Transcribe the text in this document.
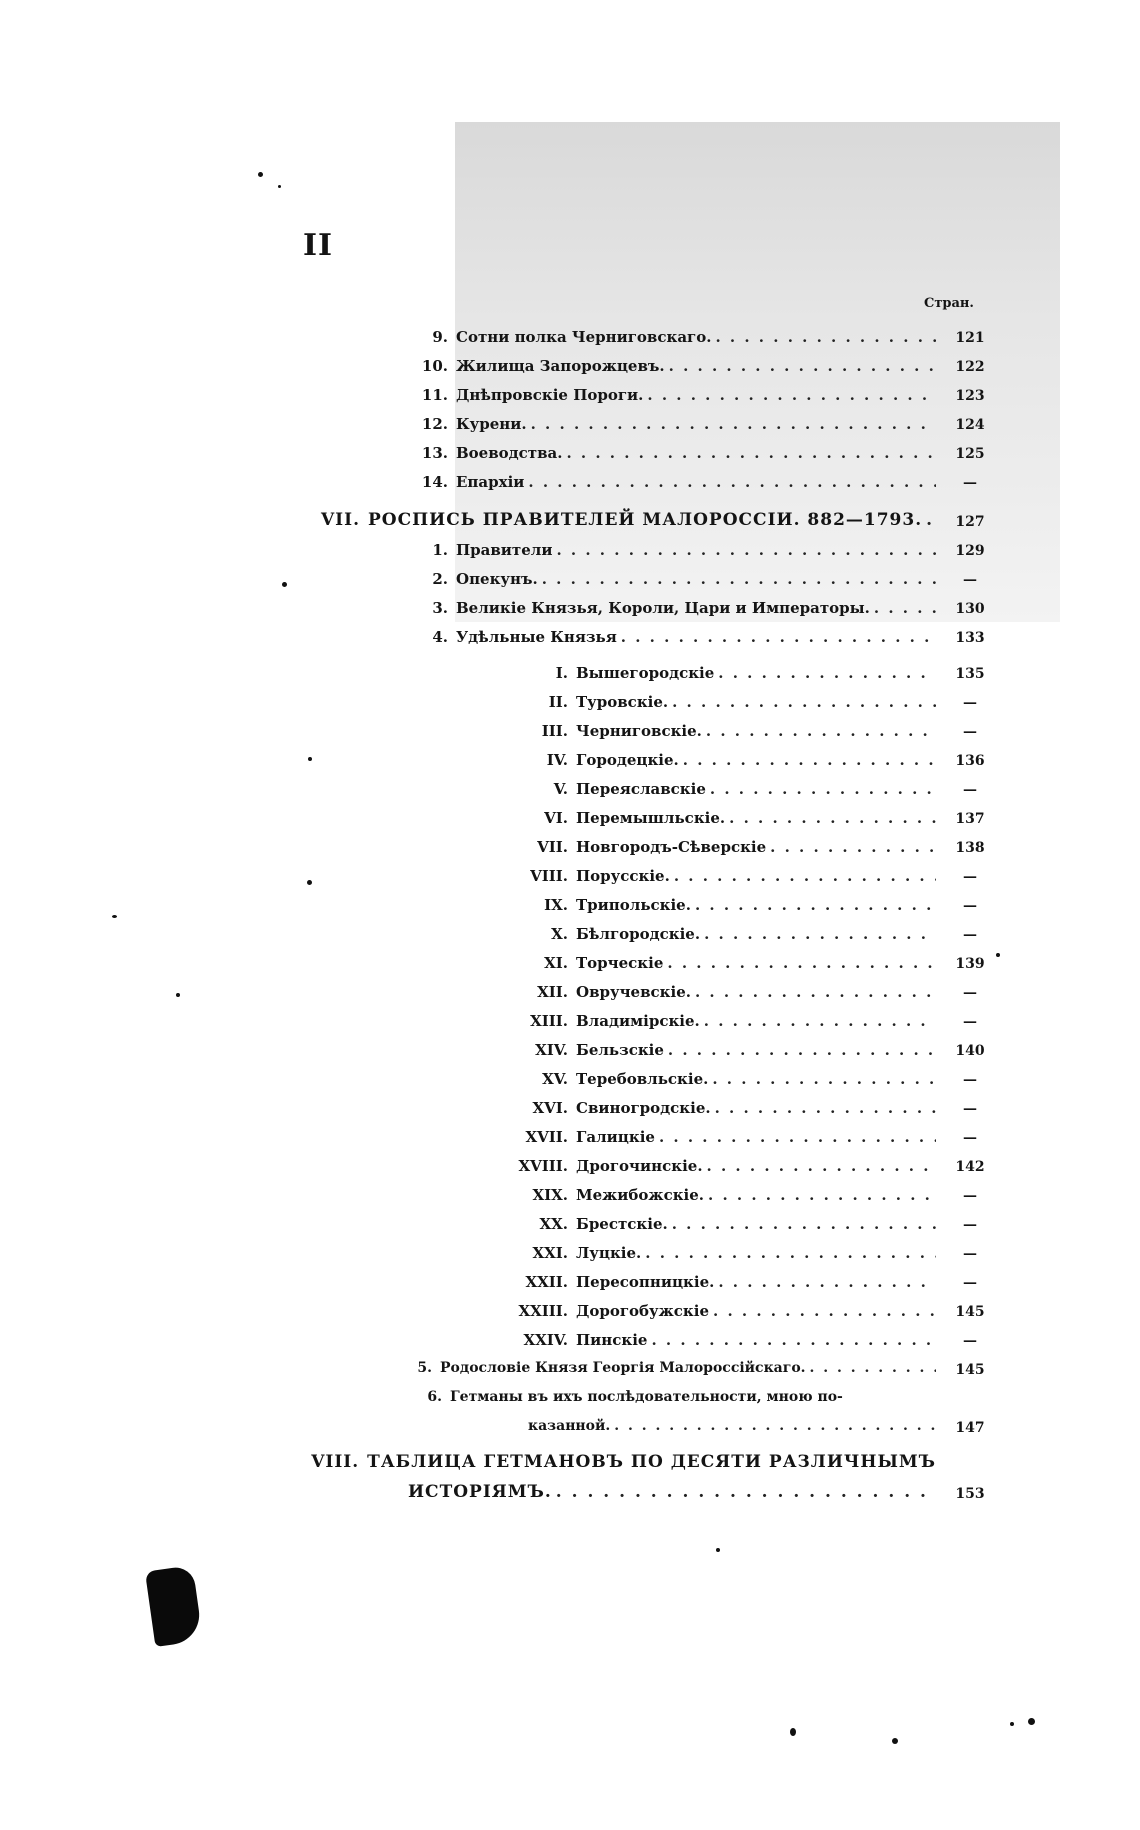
II
Стран.
9. Сотни полка Черниговскаго. . . .	121
10. Жилища Запорожцевъ. . . .	122
11. Днѣпровскіе Пороги. . . .	123
12. Курени. . . .	124
13. Воеводства. . . .	125
14. Епархіи . . .	—
VII. РОСПИСЬ ПРАВИТЕЛЕЙ МАЛОРОССІИ. 882—1793. . . .	127
1. Правители . . .	129
2. Опекунъ. . . .	—
3. Великіе Князья, Короли, Цари и Императоры. . . .	130
4. Удѣльные Князья . . .	133
I. Вышегородскіе . . .	135
II. Туровскіе. . . .	—
III. Черниговскіе. . . .	—
IV. Городецкіе. . . .	136
V. Переяславскіе . . .	—
VI. Перемышльскіе. . . .	137
VII. Новгородъ-Сѣверскіе . . .	138
VIII. Порусскіе. . . .	—
IX. Трипольскіе. . . .	—
X. Бѣлгородскіе. . . .	—
XI. Торческіе . . .	139
XII. Овручевскіе. . . .	—
XIII. Владимірскіе. . . .	—
XIV. Бельзскіе . . .	140
XV. Теребовльскіе. . . .	—
XVI. Свиногродскіе. . . .	—
XVII. Галицкіе . . .	—
XVIII. Дрогочинскіе. . . .	142
XIX. Межибожскіе. . . .	—
XX. Брестскіе. . . .	—
XXI. Луцкіе. . . .	—
XXII. Пересопницкіе. . . .	—
XXIII. Дорогобужскіе . . .	145
XXIV. Пинскіе . . .	—
5. Родословіе Князя Георгія Малороссійскаго. . . .	145
6. Гетманы въ ихъ послѣдовательности, мною по-
казанной. . . .	147
VIII. ТАБЛИЦА ГЕТМАНОВЪ ПО ДЕСЯТИ РАЗЛИЧНЫМЪ
ИСТОРІЯМЪ. . . .	153
